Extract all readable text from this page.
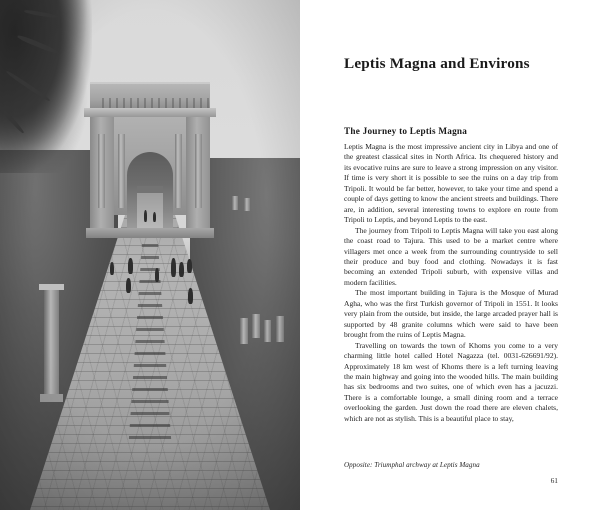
Leptis Magna and Environs
The Journey to Leptis Magna

Leptis Magna is the most impressive ancient city in Libya and one of the greatest classical sites in North Africa. Its chequered history and its evocative ruins are sure to leave a strong impression on any visitor. If time is very short it is possible to see the ruins on a day trip from Tripoli. It would be far better, however, to take your time and spend a couple of days getting to know the ancient streets and buildings. There are, in addition, several interesting towns to explore en route from Tripoli to Leptis, and beyond Leptis to the east.

The journey from Tripoli to Leptis Magna will take you east along the coast road to Tajura. This used to be a market centre where villagers met once a week from the surrounding countryside to sell their produce and buy food and clothing. Nowadays it is fast becoming an extended Tripoli suburb, with expensive villas and modern facilities.

The most important building in Tajura is the Mosque of Murad Agha, who was the first Turkish governor of Tripoli in 1551. It looks very plain from the outside, but inside, the large arcaded prayer hall is supported by 48 granite columns which were said to have been brought from the ruins of Leptis Magna.

Travelling on towards the town of Khoms you come to a very charming little hotel called Hotel Nagazza (tel. 0031-626691/92). Approximately 18 km west of Khoms there is a left turning leaving the main highway and going into the wooded hills. The main building has six bedrooms and two suites, one of which even has a jacuzzi. There is a comfortable lounge, a small dining room and a terrace overlooking the garden. Just down the road there are eleven chalets, which are not as stylish. This is a beautiful place to stay,

Opposite: Triumphal archway at Leptis Magna
61
